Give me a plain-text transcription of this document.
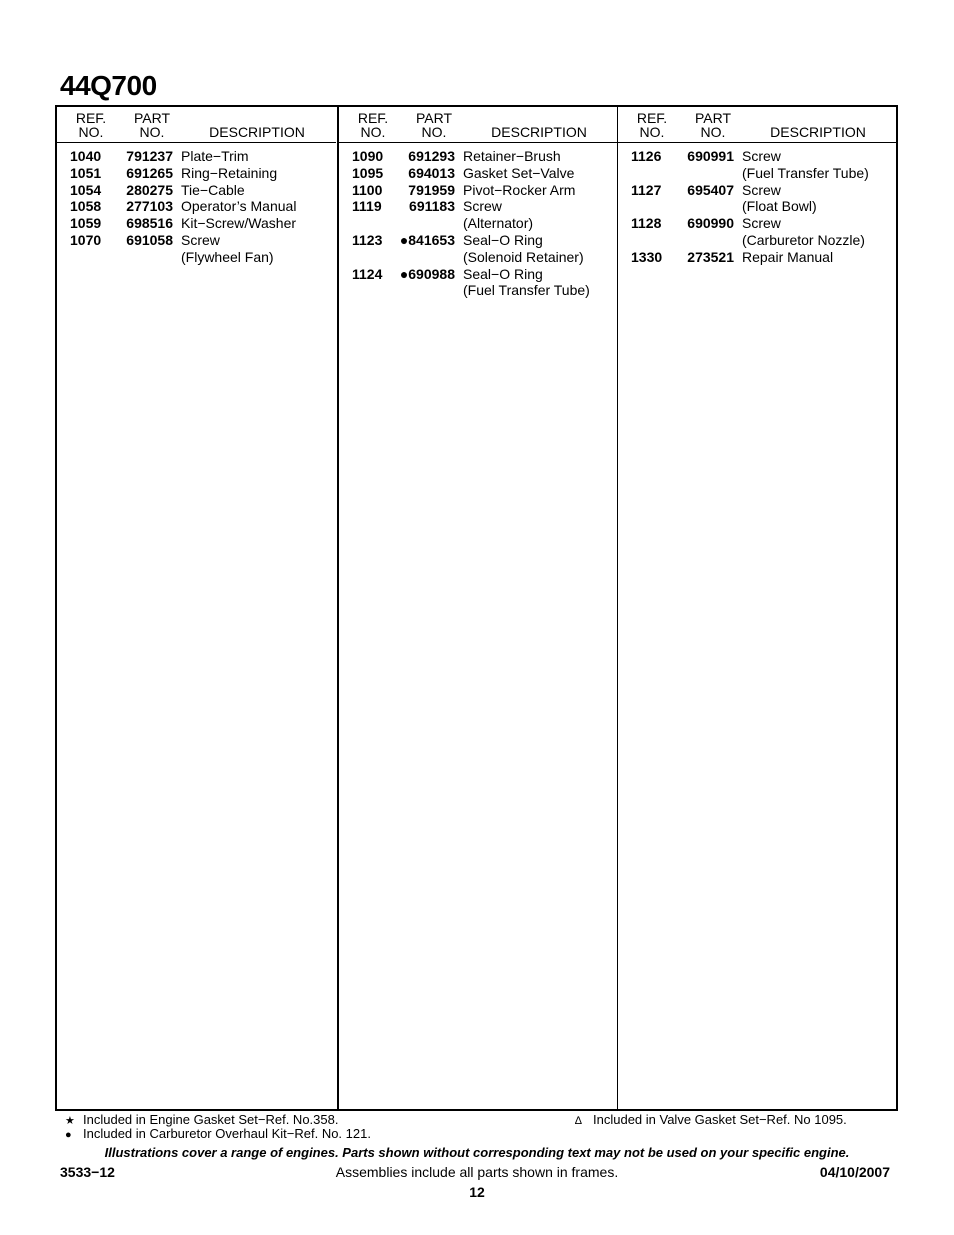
44Q700
REF.
NO.
PART
NO.	DESCRIPTION
1040	791237 Plate−Trim
1051	691265 Ring−Retaining
1054	280275 Tie−Cable
1058	277103 Operator’s Manual
1059	698516 Kit−Screw/Washer
1070	691058 Screw
(Flywheel Fan)
REF.
NO.
PART
NO.	DESCRIPTION
1090	691293 Retainer−Brush
1095	694013 Gasket Set−Valve
1100	791959 Pivot−Rocker Arm
1119	691183 Screw
(Alternator)
1123	●841653 Seal−O Ring
(Solenoid Retainer)
1124	●690988 Seal−O Ring
(Fuel Transfer Tube)
REF.
NO.
PART
NO.	DESCRIPTION
1126	690991 Screw
(Fuel Transfer Tube)
1127	695407 Screw
(Float Bowl)
1128	690990 Screw
(Carburetor Nozzle)
1330	273521 Repair Manual
★ Included in Engine Gasket Set−Ref. No.358.
● Included in Carburetor Overhaul Kit−Ref. No. 121.
∆ Included in Valve Gasket Set−Ref. No 1095.
Illustrations cover a range of engines. Parts shown without corresponding text may not be used on your specific engine.
3533−12	Assemblies include all parts shown in frames.	04/10/2007
12
